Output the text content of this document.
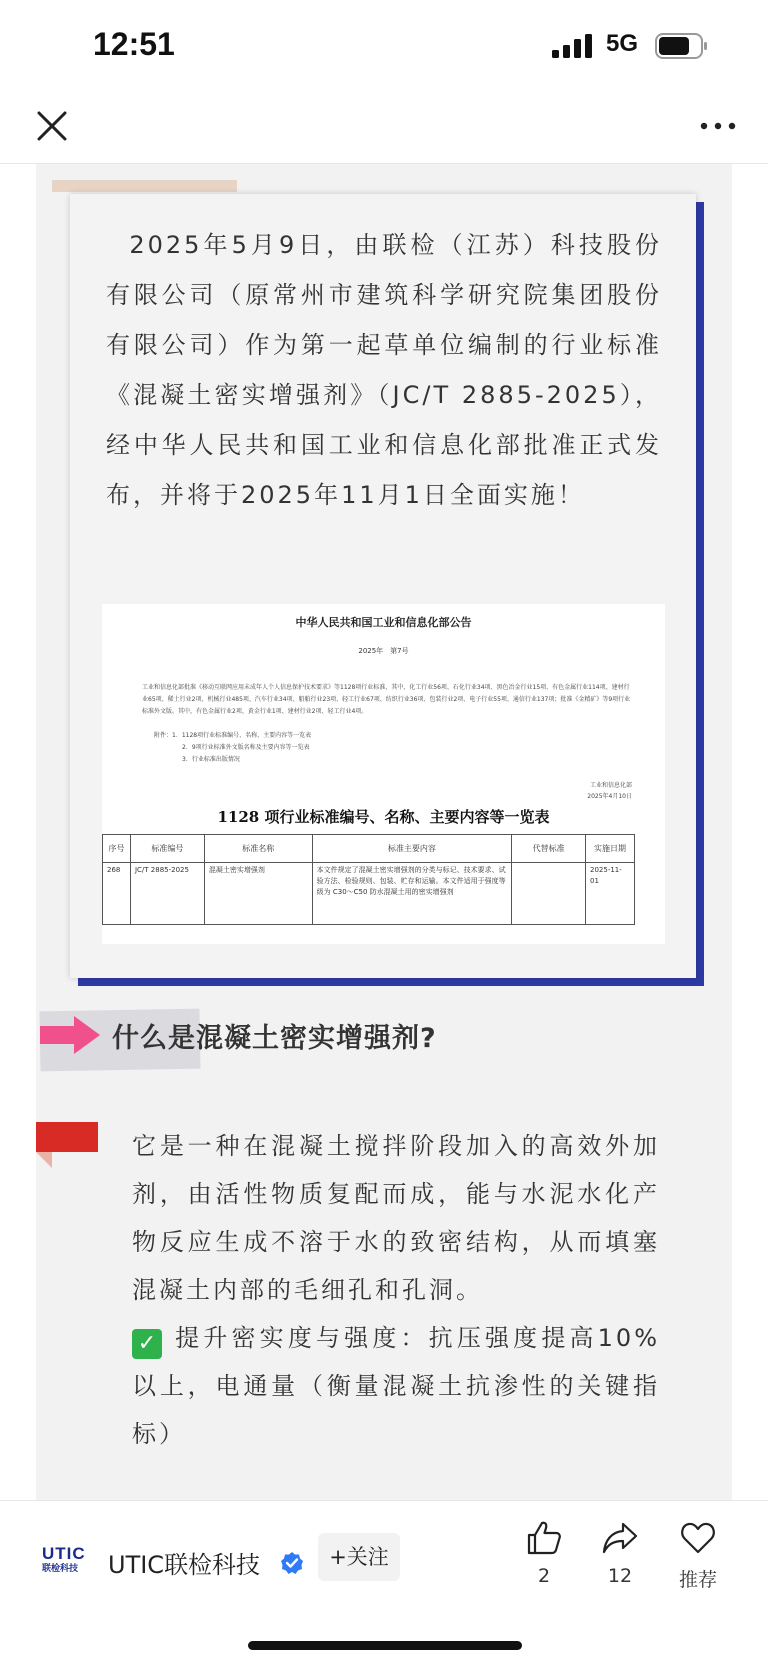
12:51	5G

2025年5月9日，由联检（江苏）科技股份有限公司（原常州市建筑科学研究院集团股份有限公司）作为第一起草单位编制的行业标准《混凝土密实增强剂》（JC/T 2885-2025），经中华人民共和国工业和信息化部批准正式发布，并将于2025年11月1日全面实施！

中华人民共和国工业和信息化部公告
2025年　第7号
工业和信息化部批准《移动互联网应用未成年人个人信息保护技术要求》等1128项行业标准，其中，化工行业56项、石化行业34项、黑色冶金行业15项、有色金属行业114项、建材行业65项、稀土行业2项、机械行业485项、汽车行业34项、船舶行业23项、轻工行业67项、纺织行业36项、包装行业2项、电子行业55项、通信行业137项；批准《金精矿》等9项行业标准外文版。其中，有色金属行业2项、黄金行业1项、建材行业2项、轻工行业4项。
附件：1．1128项行业标准编号、名称、主要内容等一览表
2．9项行业标准外文版名称及主要内容等一览表
3．行业标准出版情况
工业和信息化部
2025年4月10日
1128 项行业标准编号、名称、主要内容等一览表
序号	标准编号	标准名称	标准主要内容	代替标准	实施日期
268	JC/T 2885-2025	混凝土密实增强剂	本文件规定了混凝土密实增强剂的分类与标记、技术要求、试验方法、检验规则、包装、贮存和运输。本文件适用于强度等级为 C30～C50 防水混凝土用的密实增强剂		2025-11-01
什么是混凝土密实增强剂?

它是一种在混凝土搅拌阶段加入的高效外加剂，由活性物质复配而成，能与水泥水化产物反应生成不溶于水的致密结构，从而填塞混凝土内部的毛细孔和孔洞。

✓ 提升密实度与强度：抗压强度提高10%以上，电通量（衡量混凝土抗渗性的关键指标）

UTIC
联检科技	UTIC联检科技	+关注
2	12	推荐
